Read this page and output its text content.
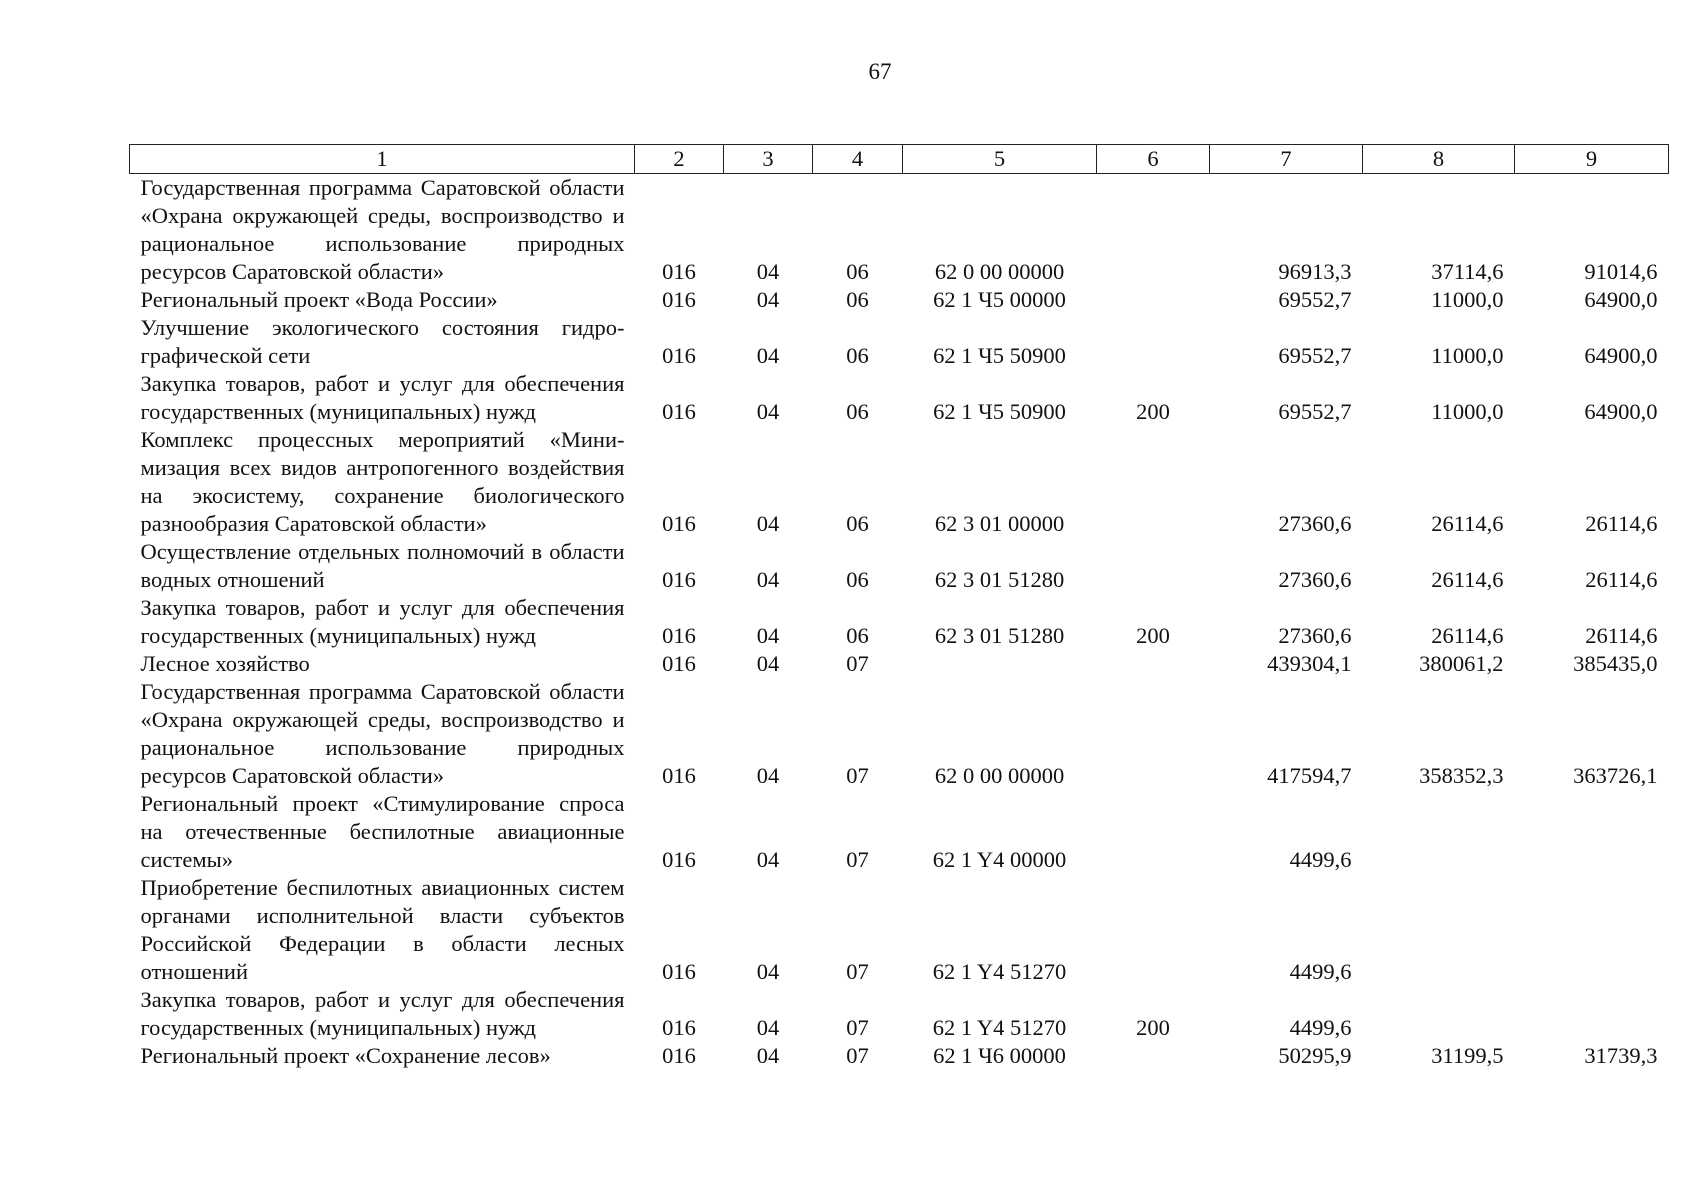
67
1	2	3	4	5	6	7	8	9
Государственная программа Саратовской области «Охрана окружающей среды, воспроизводство и рациональное использование природных ресурсов Саратовской области»	016	04	06	62 0 00 00000		96913,3	37114,6	91014,6
Региональный проект «Вода России»	016	04	06	62 1 Ч5 00000		69552,7	11000,0	64900,0
Улучшение экологического состояния гидрографической сети	016	04	06	62 1 Ч5 50900		69552,7	11000,0	64900,0
Закупка товаров, работ и услуг для обеспечения государственных (муниципальных) нужд	016	04	06	62 1 Ч5 50900	200	69552,7	11000,0	64900,0
Комплекс процессных мероприятий «Минимизация всех видов антропогенного воздействия на экосистему, сохранение биологического разнообразия Саратовской области»	016	04	06	62 3 01 00000		27360,6	26114,6	26114,6
Осуществление отдельных полномочий в области водных отношений	016	04	06	62 3 01 51280		27360,6	26114,6	26114,6
Закупка товаров, работ и услуг для обеспечения государственных (муниципальных) нужд	016	04	06	62 3 01 51280	200	27360,6	26114,6	26114,6
Лесное хозяйство	016	04	07			439304,1	380061,2	385435,0
Государственная программа Саратовской области «Охрана окружающей среды, воспроизводство и рациональное использование природных ресурсов Саратовской области»	016	04	07	62 0 00 00000		417594,7	358352,3	363726,1
Региональный проект «Стимулирование спроса на отечественные беспилотные авиационные системы»	016	04	07	62 1 Y4 00000		4499,6		
Приобретение беспилотных авиационных систем органами исполнительной власти субъектов Российской Федерации в области лесных отношений	016	04	07	62 1 Y4 51270		4499,6		
Закупка товаров, работ и услуг для обеспечения государственных (муниципальных) нужд	016	04	07	62 1 Y4 51270	200	4499,6		
Региональный проект «Сохранение лесов»	016	04	07	62 1 Ч6 00000		50295,9	31199,5	31739,3
